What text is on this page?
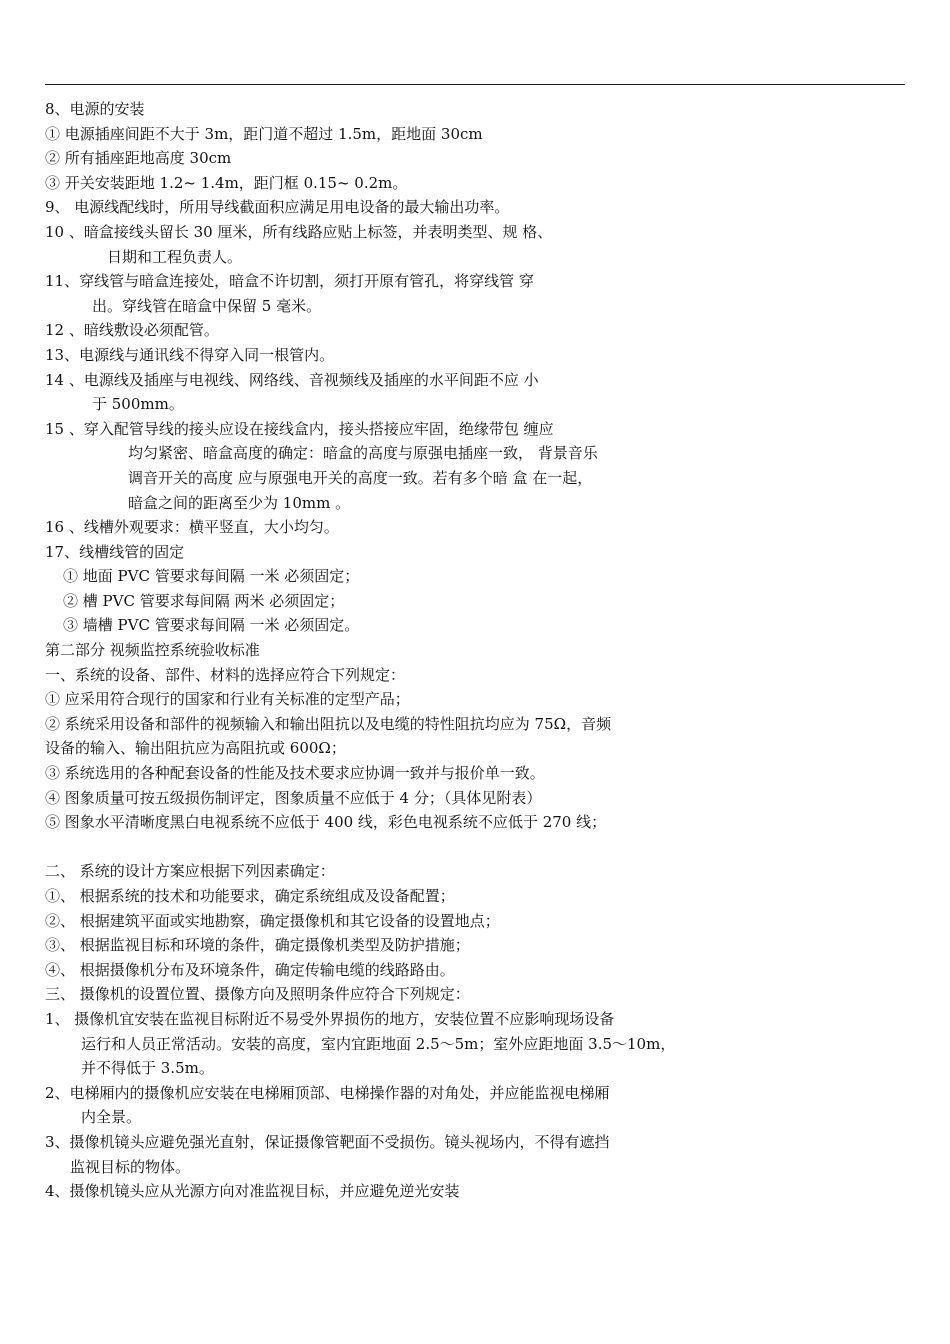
8、电源的安装
① 电源插座间距不大于 3m，距门道不超过 1.5m，距地面 30cm
② 所有插座距地高度 30cm
③ 开关安装距地 1.2~ 1.4m，距门框 0.15~ 0.2m。
9、 电源线配线时，所用导线截面积应满足用电设备的最大输出功率。
10 、暗盒接线头留长 30 厘米，所有线路应贴上标签，并表明类型、规 格、
日期和工程负责人。
11、穿线管与暗盒连接处，暗盒不许切割，须打开原有管孔，将穿线管 穿
出。穿线管在暗盒中保留 5 毫米。
12 、暗线敷设必须配管。
13、电源线与通讯线不得穿入同一根管内。
14 、电源线及插座与电视线、网络线、音视频线及插座的水平间距不应 小
于 500mm。
15 、穿入配管导线的接头应设在接线盒内，接头搭接应牢固，绝缘带包 缠应
均匀紧密、暗盒高度的确定：暗盒的高度与原强电插座一致， 背景音乐
调音开关的高度 应与原强电开关的高度一致。若有多个暗 盒 在一起，
暗盒之间的距离至少为 10mm 。
16 、线槽外观要求：横平竖直，大小均匀。
17、线槽线管的固定
① 地面 PVC 管要求每间隔 一米 必须固定；
② 槽 PVC 管要求每间隔 两米 必须固定；
③ 墙槽 PVC 管要求每间隔 一米 必须固定。
第二部分 视频监控系统验收标准
一、系统的设备、部件、材料的选择应符合下列规定：
① 应采用符合现行的国家和行业有关标准的定型产品；
② 系统采用设备和部件的视频输入和输出阻抗以及电缆的特性阻抗均应为 75Ω，音频
设备的输入、输出阻抗应为高阻抗或 600Ω；
③ 系统选用的各种配套设备的性能及技术要求应协调一致并与报价单一致。
④ 图象质量可按五级损伤制评定，图象质量不应低于 4 分；（具体见附表）
⑤ 图象水平清晰度黑白电视系统不应低于 400 线，彩色电视系统不应低于 270 线；
二、 系统的设计方案应根据下列因素确定：
①、 根据系统的技术和功能要求，确定系统组成及设备配置；
②、 根据建筑平面或实地勘察，确定摄像机和其它设备的设置地点；
③、 根据监视目标和环境的条件，确定摄像机类型及防护措施；
④、 根据摄像机分布及环境条件，确定传输电缆的线路路由。
三、 摄像机的设置位置、摄像方向及照明条件应符合下列规定：
1、 摄像机宜安装在监视目标附近不易受外界损伤的地方，安装位置不应影响现场设备
运行和人员正常活动。安装的高度，室内宜距地面 2.5～5m；室外应距地面 3.5～10m，
并不得低于 3.5m。
2、电梯厢内的摄像机应安装在电梯厢顶部、电梯操作器的对角处，并应能监视电梯厢
内全景。
3、摄像机镜头应避免强光直射，保证摄像管靶面不受损伤。镜头视场内，不得有遮挡
监视目标的物体。
4、摄像机镜头应从光源方向对准监视目标，并应避免逆光安装
